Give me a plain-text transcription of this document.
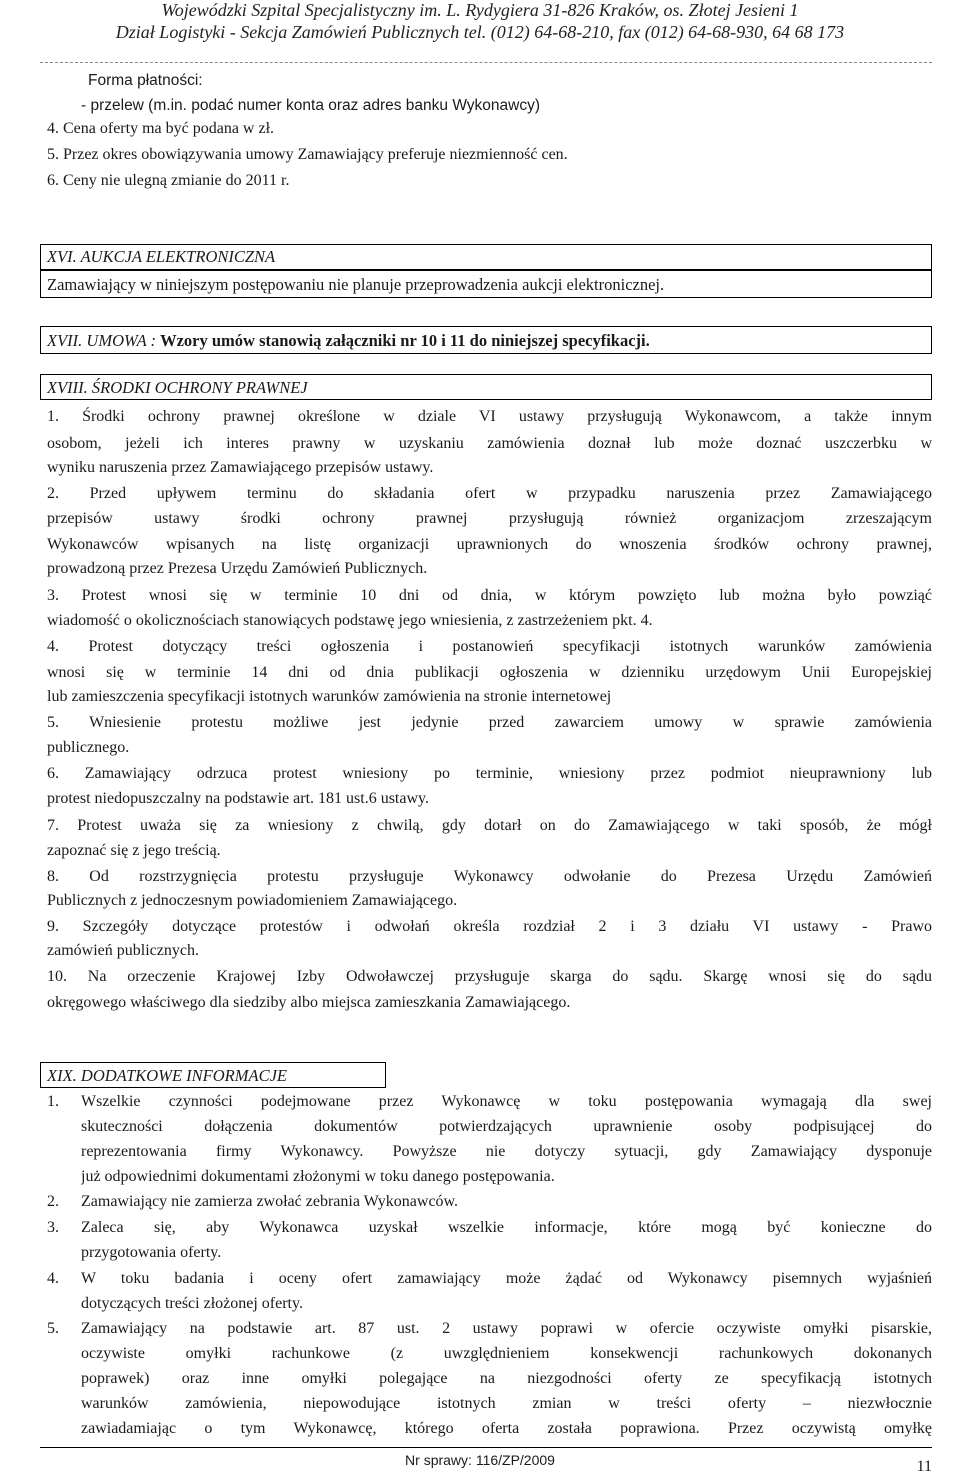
Wojewódzki Szpital Specjalistyczny im. L. Rydygiera 31-826 Kraków, os. Złotej Jesieni 1
Dział Logistyki - Sekcja Zamówień Publicznych tel. (012) 64-68-210, fax (012) 64-68-930, 64 68 173
Forma płatności:
- przelew (m.in. podać numer konta oraz adres banku Wykonawcy)
4. Cena oferty ma być podana w zł.
5. Przez okres obowiązywania umowy Zamawiający preferuje niezmienność cen.
6. Ceny nie ulegną zmianie do 2011 r.
XVI. AUKCJA ELEKTRONICZNA
Zamawiający w niniejszym postępowaniu nie planuje przeprowadzenia aukcji elektronicznej.
XVII. UMOWA : Wzory umów stanowią załączniki nr 10 i 11 do niniejszej specyfikacji.
XVIII. ŚRODKI OCHRONY PRAWNEJ
1. Środki ochrony prawnej określone w dziale VI ustawy przysługują Wykonawcom, a także innym
osobom, jeżeli ich interes prawny w uzyskaniu zamówienia doznał lub może doznać uszczerbku w
wyniku naruszenia przez Zamawiającego przepisów ustawy.
2. Przed upływem terminu do składania ofert w przypadku naruszenia przez Zamawiającego
przepisów ustawy środki ochrony prawnej przysługują również organizacjom zrzeszającym
Wykonawców wpisanych na listę organizacji uprawnionych do wnoszenia środków ochrony prawnej,
prowadzoną przez Prezesa Urzędu Zamówień Publicznych.
3. Protest wnosi się w terminie 10 dni od dnia, w którym powzięto lub można było powziąć
wiadomość o okolicznościach stanowiących podstawę jego wniesienia, z zastrzeżeniem pkt. 4.
4. Protest dotyczący treści ogłoszenia i postanowień specyfikacji istotnych warunków zamówienia
wnosi się w terminie 14 dni od dnia publikacji ogłoszenia w dzienniku urzędowym Unii Europejskiej
lub zamieszczenia specyfikacji istotnych warunków zamówienia na stronie internetowej
5. Wniesienie protestu możliwe jest jedynie przed zawarciem umowy w sprawie zamówienia
publicznego.
6. Zamawiający odrzuca protest wniesiony po terminie, wniesiony przez podmiot nieuprawniony lub
protest niedopuszczalny na podstawie art. 181 ust.6 ustawy.
7. Protest uważa się za wniesiony z chwilą, gdy dotarł on do Zamawiającego w taki sposób, że mógł
zapoznać się z jego treścią.
8. Od rozstrzygnięcia protestu przysługuje Wykonawcy odwołanie do Prezesa Urzędu Zamówień
Publicznych z jednoczesnym powiadomieniem Zamawiającego.
9. Szczegóły dotyczące protestów i odwołań określa rozdział 2 i 3 działu VI ustawy - Prawo
zamówień publicznych.
10. Na orzeczenie Krajowej Izby Odwoławczej przysługuje skarga do sądu. Skargę wnosi się do sądu
okręgowego właściwego dla siedziby albo miejsca zamieszkania Zamawiającego.
XIX. DODATKOWE INFORMACJE
1.	Wszelkie czynności podejmowane przez Wykonawcę w toku postępowania wymagają dla swej
skuteczności dołączenia dokumentów potwierdzających uprawnienie osoby podpisującej do
reprezentowania firmy Wykonawcy. Powyższe nie dotyczy sytuacji, gdy Zamawiający dysponuje
już odpowiednimi dokumentami złożonymi w toku danego postępowania.
2.	Zamawiający nie zamierza zwołać zebrania Wykonawców.
3.	Zaleca się, aby Wykonawca uzyskał wszelkie informacje, które mogą być konieczne do
przygotowania oferty.
4.	W toku badania i oceny ofert zamawiający może żądać od Wykonawcy pisemnych wyjaśnień
dotyczących treści złożonej oferty.
5.	Zamawiający na podstawie art. 87 ust. 2 ustawy poprawi w ofercie oczywiste omyłki pisarskie,
oczywiste omyłki rachunkowe (z uwzględnieniem konsekwencji rachunkowych dokonanych
poprawek) oraz inne omyłki polegające na niezgodności oferty ze specyfikacją istotnych
warunków zamówienia, niepowodujące istotnych zmian w treści oferty – niezwłocznie
zawiadamiając o tym Wykonawcę, którego oferta została poprawiona. Przez oczywistą omyłkę
Nr sprawy: 116/ZP/2009	11
